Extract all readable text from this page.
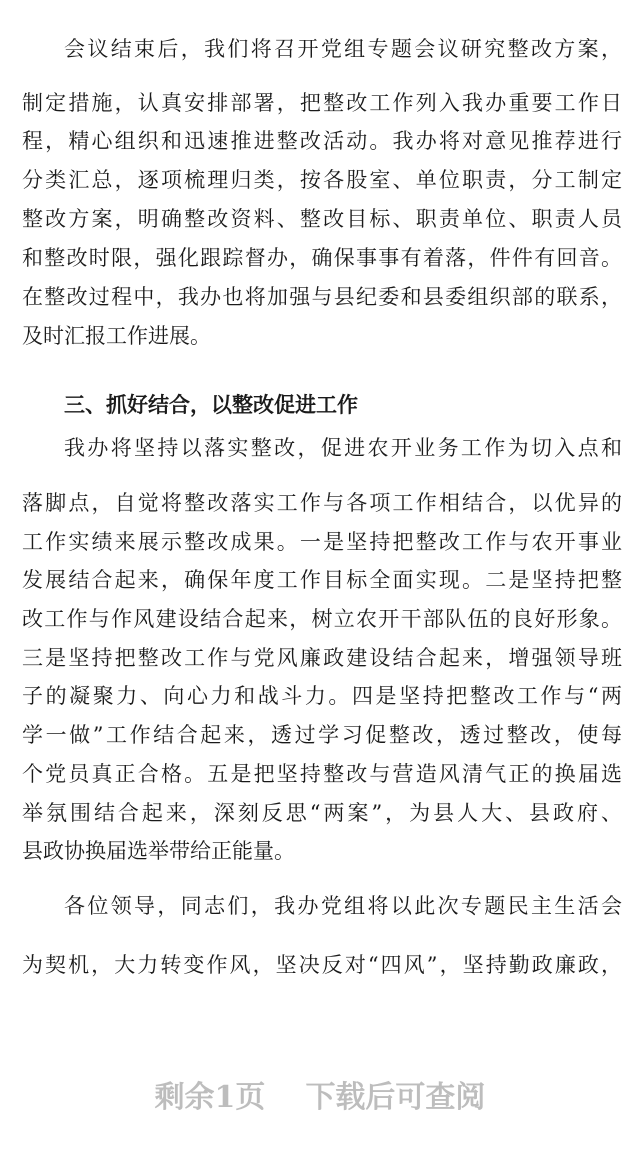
会议结束后，我们将召开党组专题会议研究整改方案，
制定措施，认真安排部署，把整改工作列入我办重要工作日
程，精心组织和迅速推进整改活动。我办将对意见推荐进行
分类汇总，逐项梳理归类，按各股室、单位职责，分工制定
整改方案，明确整改资料、整改目标、职责单位、职责人员
和整改时限，强化跟踪督办，确保事事有着落，件件有回音。
在整改过程中，我办也将加强与县纪委和县委组织部的联系，
及时汇报工作进展。
三、抓好结合，以整改促进工作
我办将坚持以落实整改，促进农开业务工作为切入点和
落脚点，自觉将整改落实工作与各项工作相结合，以优异的
工作实绩来展示整改成果。一是坚持把整改工作与农开事业
发展结合起来，确保年度工作目标全面实现。二是坚持把整
改工作与作风建设结合起来，树立农开干部队伍的良好形象。
三是坚持把整改工作与党风廉政建设结合起来，增强领导班
子的凝聚力、向心力和战斗力。四是坚持把整改工作与“两
学一做”工作结合起来，透过学习促整改，透过整改，使每
个党员真正合格。五是把坚持整改与营造风清气正的换届选
举氛围结合起来，深刻反思“两案”，为县人大、县政府、
县政协换届选举带给正能量。
各位领导，同志们，我办党组将以此次专题民主生活会
为契机，大力转变作风，坚决反对“四风”，坚持勤政廉政，
剩余1页 下载后可查阅
